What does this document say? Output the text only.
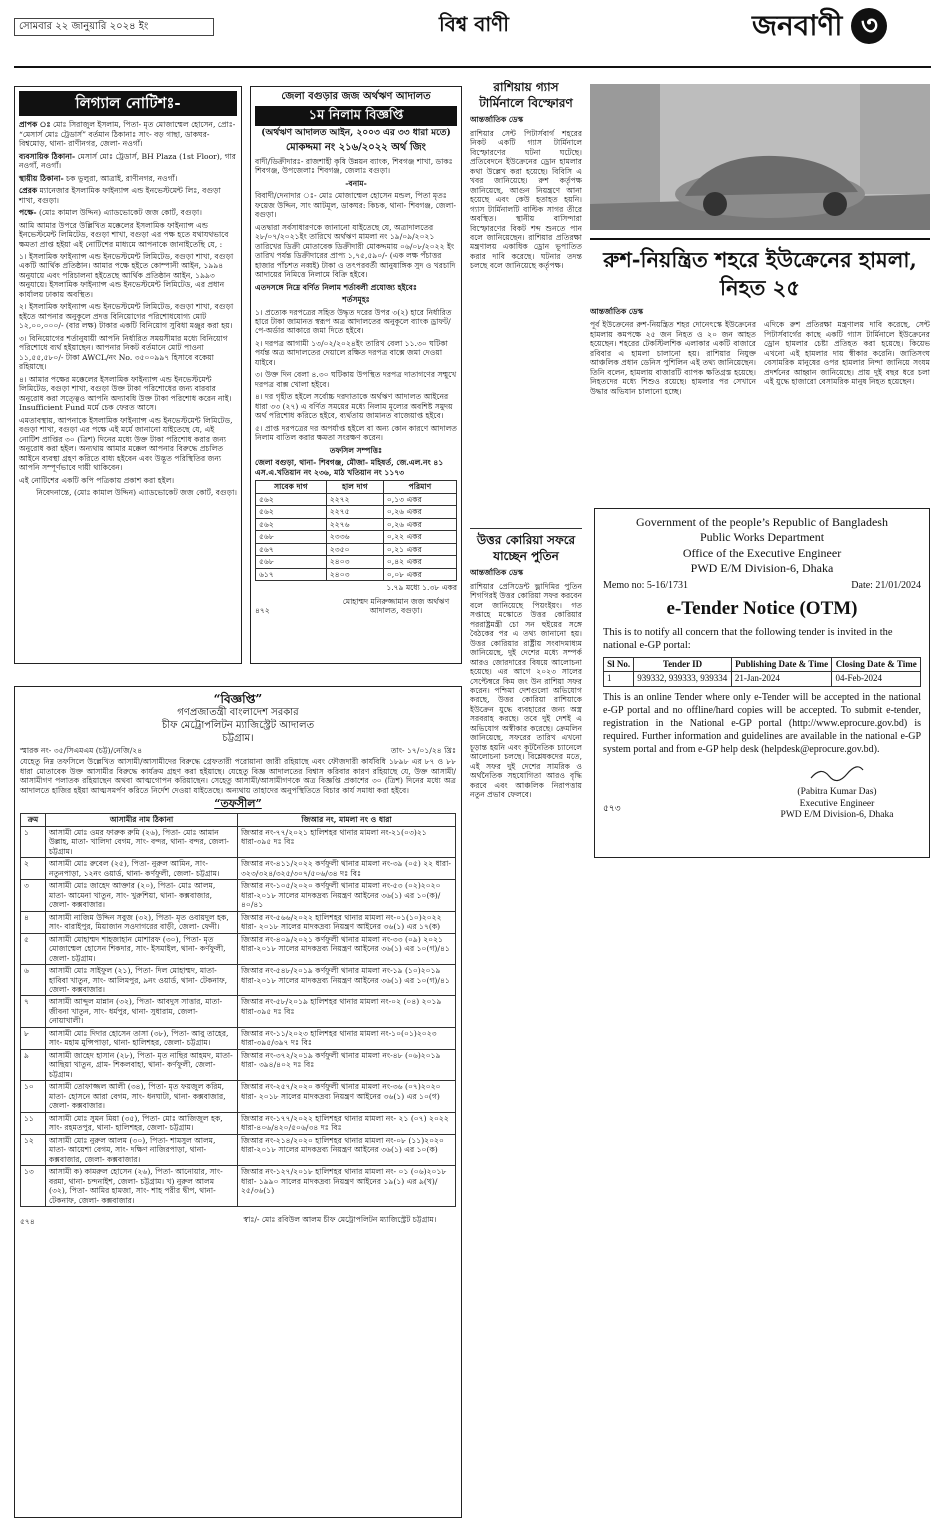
সোমবার ২২ জানুয়ারি ২০২৪ ইং	বিশ্ব বাণী	জনবাণী ৩
লিগ্যাল নোটিশঃ-

প্রাপক ঃ মোঃ সিরাজুল ইসলাম, পিতা- মৃত মোজাম্মেল হোসেন, প্রোঃ- “মেসার্স মোঃ ট্রেডার্স” বর্তমান ঠিকানাঃ সাং- বড় গাছা, ডাকঘর- বিশ্বমোড়, থানা- রাণীনগর, জেলা- নওগাঁ।

ব্যবসায়িক ঠিকানা- মেসার্স মোঃ ট্রেডার্স, BH Plaza (1st Floor), গার নওগাঁ, নওগাঁ।

স্থায়ীয় ঠিকানা- চক ভুলুরা, আত্রাই, রাণীনগর, নওগাঁ।

প্রেরক ম্যানেজার ইসলামিক ফাইন্যান্স এন্ড ইনভেস্টমেন্ট লিঃ, বগুড়া শাখা, বগুড়া।

পক্ষে- (মোঃ কামাল উদ্দিন) এ্যাডভোকেট জজ কোর্ট, বগুড়া।

আমি আমার উপরে উল্লিখিত মক্কেলের ইসলামিক ফাইন্যান্স এন্ড ইনভেস্টমেন্ট লিমিটেড, বগুড়া শাখা, বগুড়া এর পক্ষ হতে যথাযথভাবে ক্ষমতা প্রাপ্ত হইয়া এই নোটিশের মাধ্যমে আপনাকে জানাইতেছি যে, :

১। ইসলামিক ফাইন্যান্স এন্ড ইনভেস্টমেন্ট লিমিটেড, বগুড়া শাখা, বগুড়া একটি আর্থিক প্রতিষ্ঠান। আমার পক্ষে হইতে কোম্পানী আইন, ১৯৯৪ অনুযায়ে এবং পরিচালনা হইতেছে আর্থিক প্রতিষ্ঠান আইন, ১৯৯৩ অনুযায়ে। ইসলামিক ফাইন্যান্স এন্ড ইনভেস্টমেন্ট লিমিটেড, এর প্রধান কার্যালয় ঢাকায় অবস্থিত।

২। ইসলামিক ফাইন্যান্স এন্ড ইনভেস্টমেন্ট লিমিটেড, বগুড়া শাখা, বগুড়া হইতে আপনার অনুকূলে প্রদত্ত বিনিয়োগের পরিশোধযোগ্য মোট ১২,০০,০০০/- (বার লক্ষ) টাকার একটি বিনিয়োগ সুবিধা মঞ্জুর করা হয়।

৩। বিনিয়োগের শর্তানুযায়ী আপনি নির্ধারিত সময়সীমার মধ্যে বিনিয়োগ পরিশোধে ব্যর্থ হইয়াছেন। আপনার নিকট বর্তমানে মোট পাওনা ১১,৫৫,৫৮০/- টাকা AWCL/নং No. ৩৫০০৯৯৭ হিসাবে বকেয়া রহিয়াছে।

৪। আমার পক্ষের মক্কেলের ইসলামিক ফাইন্যান্স এন্ড ইনভেস্টমেন্ট লিমিটেড, বগুড়া শাখা, বগুড়া উক্ত টাকা পরিশোধের জন্য বারবার অনুরোধ করা সত্ত্বেও আপনি অদ্যাবধি উক্ত টাকা পরিশোধ করেন নাই। Insufficient Fund মর্মে চেক ফেরত আসে।

এমতাবস্থায়, আপনাকে ইসলামিক ফাইন্যান্স এন্ড ইনভেস্টমেন্ট লিমিটেড, বগুড়া শাখা, বগুড়া এর পক্ষে এই মর্মে জানানো যাইতেছে যে, এই নোটিশ প্রাপ্তির ৩০ (ত্রিশ) দিনের মধ্যে উক্ত টাকা পরিশোধ করার জন্য অনুরোধ করা হইল। অন্যথায় আমার মক্কেল আপনার বিরুদ্ধে প্রচলিত আইনে ব্যবস্থা গ্রহণ করিতে বাধ্য হইবেন এবং উদ্ভূত পরিস্থিতির জন্য আপনি সম্পূর্ণভাবে দায়ী থাকিবেন।

এই নোটিশের একটি কপি পত্রিকায় প্রকাশ করা হইল।

নিবেদনান্তে, (মোঃ কামাল উদ্দিন) এ্যাডভোকেট জজ কোর্ট, বগুড়া।

জেলা বগুড়ার জজ অর্থঋণ আদালত
১ম নিলাম বিজ্ঞপ্তি
(অর্থঋণ আদালত আইন, ২০০৩ এর ৩৩ ধারা মতে)
মোকদ্দমা নং ২১৬/২০২২ অর্থ জিং

বাদী/ডিক্রীদারঃ- রাজশাহী কৃষি উন্নয়ন ব্যাংক, শিবগঞ্জ শাখা, ডাকঃ শিবগঞ্জ, উপজেলাঃ শিবগঞ্জ, জেলাঃ বগুড়া।

-বনাম-

বিবাদী/দেনাদার ঃ- মোঃ মোজাম্মেল হোসেন মন্ডল, পিতা মৃতঃ ফয়েজ উদ্দিন, সাং আটমূল, ডাকঘর: কিচক, থানা- শিবগঞ্জ, জেলা- বগুড়া।

এতদ্বারা সর্বসাধারণকে জানানো যাইতেছে যে, অত্রাদালতের ২৮/০৭/২০২১ইং তারিখে অর্থঋণ মামলা নং ১৯/০৯/২০২১ তারিখের ডিক্রী মোতাবেক ডিক্রীদারী মোকদ্দমায় ০৬/০৮/২০২২ ইং তারিখ পর্যন্ত ডিক্রীদারের প্রাপ্য ১,৭৫,৫৯০/- (এক লক্ষ পঁচাত্তর হাজার পাঁচশত নব্বই) টাকা ও তৎপরবর্তী আনুষাঙ্গিক সুদ ও খরচাদি আদায়ের নিমিত্তে নিলামে বিক্রি হইবে।

এতদসঙ্গে নিম্নে বর্ণিত নিলাম শর্তাবলী প্রযোজ্য হইবেঃ

শর্তসমূহঃ

১। প্রত্যেক দরপত্রের সহিত উদ্ধৃত দরের উপর ৩(২) হারে নির্ধারিত হারে টাকা জামানত স্বরূপ অত্র আদালতের অনুকূলে ব্যাংক ড্রাফট/পে-অর্ডার আকারে জমা দিতে হইবে।

২। দরপত্র আগামী ১৩/০২/২০২৪ইং তারিখ বেলা ১১.৩০ ঘটিকা পর্যন্ত অত্র আদালতের দেয়ালে রক্ষিত দরপত্র বাক্সে জমা দেওয়া যাইবে।

৩। উক্ত দিন বেলা ৪.৩০ ঘটিকায় উপস্থিত দরপত্র দাতাগণের সম্মুখে দরপত্র বাক্স খোলা হইবে।

৪। দর গৃহীত হইলে সর্বোচ্চ দরদাতাকে অর্থঋণ আদালত আইনের ধারা ৩৩ (২৭) এ বর্ণিত সময়ের মধ্যে নিলাম মূল্যের অবশিষ্ট সমুদয় অর্থ পরিশোধ করিতে হইবে, ব্যর্থতায় জামানত বাজেয়াপ্ত হইবে।

৫। প্রাপ্ত দরপত্রের দর অপর্যাপ্ত হইলে বা অন্য কোন কারণে আদালত নিলাম বাতিল করার ক্ষমতা সংরক্ষণ করেন।

তফসিল সম্পত্তিঃ

জেলা বগুড়া, থানা- শিবগঞ্জ, মৌজা- মহিষর্ত, জে.এল.নং ৪১ এস.এ.খতিয়ান নং ২৩৬, মাঠ খতিয়ান নং ১১৭৩

সাবেক দাগ	হাল দাগ	পরিমাণ
৫৬২	২২৭২	০,১৩ একর
৫৬২	২২৭৫	০,২৬ একর
৫৬২	২২৭৬	০,২৬ একর
৫৬৮	২৩৩৬	০,২২ একর
৫৬৭	২৩৫০	০,২১ একর
৫৬৮	২৪০৩	০,৪২ একর
৬১৭	২৪০৩	০,০৮ একর
১.৭৯ মধ্যে ১.৩৮ একর
মোহাম্মদ মনিরুজ্জামান জজ অর্থঋণ আদালত, বগুড়া।
৪৭২
রাশিয়ায় গ্যাস টার্মিনালে বিস্ফোরণ
আন্তর্জাতিক ডেস্ক
রাশিয়ার সেন্ট পিটার্সবার্গ শহরের নিকট একটি গ্যাস টার্মিনালে বিস্ফোরণের ঘটনা ঘটেছে। প্রতিবেদনে ইউক্রেনের ড্রোন হামলার কথা উল্লেখ করা হয়েছে। বিবিসি এ খবর জানিয়েছে। রুশ কর্তৃপক্ষ জানিয়েছে, আগুন নিয়ন্ত্রণে আনা হয়েছে এবং কেউ হতাহত হয়নি। গ্যাস টার্মিনালটি বাল্টিক সাগর তীরে অবস্থিত। স্থানীয় বাসিন্দারা বিস্ফোরণের বিকট শব্দ শুনতে পান বলে জানিয়েছেন। রাশিয়ার প্রতিরক্ষা মন্ত্রণালয় একাধিক ড্রোন ভূপাতিত করার দাবি করেছে। ঘটনার তদন্ত চলছে বলে জানিয়েছে কর্তৃপক্ষ।
উত্তর কোরিয়া সফরে যাচ্ছেন পুতিন
আন্তর্জাতিক ডেস্ক
রাশিয়ার প্রেসিডেন্ট ভ্লাদিমির পুতিন শিগগিরই উত্তর কোরিয়া সফর করবেন বলে জানিয়েছে পিয়ংইয়ং। গত সপ্তাহে মস্কোতে উত্তর কোরিয়ার পররাষ্ট্রমন্ত্রী চো সন হুইয়ের সঙ্গে বৈঠকের পর এ তথ্য জানানো হয়। উত্তর কোরিয়ার রাষ্ট্রীয় সংবাদমাধ্যম জানিয়েছে, দুই দেশের মধ্যে সম্পর্ক আরও জোরদারের বিষয়ে আলোচনা হয়েছে। এর আগে ২০২৩ সালের সেপ্টেম্বরে কিম জং উন রাশিয়া সফর করেন। পশ্চিমা দেশগুলো অভিযোগ করছে, উত্তর কোরিয়া রাশিয়াকে ইউক্রেন যুদ্ধে ব্যবহারের জন্য অস্ত্র সরবরাহ করছে। তবে দুই দেশই এ অভিযোগ অস্বীকার করেছে। ক্রেমলিন জানিয়েছে, সফরের তারিখ এখনো চূড়ান্ত হয়নি এবং কূটনৈতিক চ্যানেলে আলোচনা চলছে। বিশ্লেষকদের মতে, এই সফর দুই দেশের সামরিক ও অর্থনৈতিক সহযোগিতা আরও বৃদ্ধি করবে এবং আঞ্চলিক নিরাপত্তায় নতুন প্রভাব ফেলবে।
রুশ-নিয়ন্ত্রিত শহরে ইউক্রেনের হামলা, নিহত ২৫
আন্তর্জাতিক ডেস্ক
পূর্ব ইউক্রেনের রুশ-নিয়ন্ত্রিত শহর দোনেৎস্কে ইউক্রেনের হামলায় কমপক্ষে ২৫ জন নিহত ও ২০ জন আহত হয়েছেন। শহরের টেকস্টিলশিক এলাকার একটি বাজারে রবিবার এ হামলা চালানো হয়। রাশিয়ার নিযুক্ত আঞ্চলিক প্রধান ডেনিস পুশিলিন এই তথ্য জানিয়েছেন। তিনি বলেন, হামলায় বাজারটি ব্যাপক ক্ষতিগ্রস্ত হয়েছে। নিহতদের মধ্যে শিশুও রয়েছে। হামলার পর সেখানে উদ্ধার অভিযান চালানো হচ্ছে।
এদিকে রুশ প্রতিরক্ষা মন্ত্রণালয় দাবি করেছে, সেন্ট পিটার্সবার্গের কাছে একটি গ্যাস টার্মিনালে ইউক্রেনের ড্রোন হামলার চেষ্টা প্রতিহত করা হয়েছে। কিয়েভ এখনো এই হামলার দায় স্বীকার করেনি। জাতিসংঘ বেসামরিক মানুষের ওপর হামলার নিন্দা জানিয়ে সংযম প্রদর্শনের আহ্বান জানিয়েছে। প্রায় দুই বছর ধরে চলা এই যুদ্ধে হাজারো বেসামরিক মানুষ নিহত হয়েছেন।
Government of the people’s Republic of Bangladesh
Public Works Department
Office of the Executive Engineer
PWD E/M Division-6, Dhaka
Memo no: 5-16/1731	Date: 21/01/2024
e-Tender Notice (OTM)
This is to notify all concern that the following tender is invited in the national e-GP portal:
Sl No.	Tender ID	Publishing Date & Time	Closing Date & Time
1	939332, 939333, 939334	21-Jan-2024	04-Feb-2024
This is an online Tender where only e-Tender will be accepted in the national e-GP portal and no offline/hard copies will be accepted. To submit e-tender, registration in the National e-GP portal (http://www.eprocure.gov.bd) is required. Further information and guidelines are available in the national e-GP system portal and from e-GP help desk (helpdesk@eprocure.gov.bd).
(Pabitra Kumar Das)
Executive Engineer
PWD E/M Division-6, Dhaka
৫৭৩
“বিজ্ঞপ্তি”
গণপ্রজাতন্ত্রী বাংলাদেশ সরকার
চীফ মেট্রোপলিটন ম্যাজিস্ট্রেট আদালত
চট্টগ্রাম।
স্মারক নং- ৩৫/সিএমএম (চট্ট)/নেজি/২৪	তাং- ১৭/০১/২৪ খ্রিঃ
যেহেতু নিম্ন তফসিলে উল্লেখিত আসামী/আসামীদের বিরুদ্ধে গ্রেফতারী পরোয়ানা জারী রহিয়াছে এবং ফৌজদারী কার্যবিধি ১৮৯৮ এর ৮৭ ও ৮৮ ধারা মোতাবেক উক্ত আসামীর বিরুদ্ধে কার্যক্রম গ্রহণ করা হইয়াছে। যেহেতু বিজ্ঞ আদালতের বিশ্বাস করিবার কারণ রহিয়াছে যে, উক্ত আসামী/আসামীগণ পলাতক রহিয়াছেন অথবা আত্মগোপন করিয়াছেন। সেহেতু আসামী/আসামীগণকে অত্র বিজ্ঞপ্তি প্রকাশের ৩০ (ত্রিশ) দিনের মধ্যে অত্র আদালতে হাজির হইয়া আত্মসমর্পণ করিতে নির্দেশ দেওয়া যাইতেছে। অন্যথায় তাহাদের অনুপস্থিতিতে বিচার কার্য সমাধা করা হইবে।
“তফসীল”
ক্রম	আসামীর নাম ঠিকানা	জিআর নং, মামলা নং ও ধারা
১	আসামী মোঃ ওমর ফারুক রুমি (২৬), পিতা- মোঃ আমান উল্লাহ, মাতা- খালিদা বেগম, সাং- বন্দর, থানা- বন্দর, জেলা- চট্টগ্রাম।	জিআর নং-৭৭/২০২১ হালিশহর থানার মামলা নং-২১(০৩)২১ ধারা-৩৯৫ দঃ বিঃ
২	আসামী মোঃ রুবেল (২৫), পিতা- নুরুল আমিন, সাং- নতুনপাড়া, ১২নং ওয়ার্ড, থানা- কর্ণফুলী, জেলা- চট্টগ্রাম।	জিআর নং-৪১১/২০২২ কর্ণফুলী থানার মামলা নং-৩৯ (০৫) ২২ ধারা- ৩২৩/৩২৪/৩২৫/৩০৭/৫০৬/৩৪ দঃ বিঃ
৩	আসামী মোঃ জাহেদ আক্তার (২০), পিতা- মোঃ আলম, মাতা- আমেনা খাতুন, সাং- খুরুশিয়া, থানা- কক্সবাজার, জেলা- কক্সবাজার।	জিআর নং-১০৫/২০২০ কর্ণফুলী থানার মামলা নং-৫৩ (০২)২০২০ ধারা-২০১৮ সালের মাদকদ্রব্য নিয়ন্ত্রণ আইনের ৩৬(১) এর ১০(ক)/৪০/৪১
৪	আসামী নাজিম উদ্দিন সবুজ (৩২), পিতা- মৃত ওবায়দুল হক, সাং- বারাইপুর, মিয়াজান সওদাগরের বাড়ী, জেলা- ফেনী।	জিআর নং-৫৬৬/২০২২ হালিশহর থানার মামলা নং-০১(১০)২০২২ ধারা- ২০১৮ সালের মাদকদ্রব্য নিয়ন্ত্রণ আইনের ৩৬(১) এর ১৭(ক)
৫	আসামী মোহাম্মদ শাহজাহান মোশারফ (৩০), পিতা- মৃত মোজাম্মেল হোসেন শিকদার, সাং- ইসমাইল, থানা- কর্ণফুলী, জেলা- চট্টগ্রাম।	জিআর নং-৪০৯/২০২১ কর্ণফুলী থানার মামলা নং-৩৩ (০৯) ২০২১ ধারা-২০১৮ সালের মাদকদ্রব্য নিয়ন্ত্রণ আইনের ৩৬(১) এর ১০(গ)/৪১
৬	আসামী মোঃ সাইফুল (২১), পিতা- দিল মোহাম্মদ, মাতা- হাবিবা খাতুন, সাং- আলিমপুর, ৯নং ওয়ার্ড, থানা- টেকনাফ, জেলা- কক্সবাজার।	জিআর নং-৫৪৮/২০১৯ কর্ণফুলী থানার মামলা নং-১৯ (১০)২০১৯ ধারা-২০১৮ সালের মাদকদ্রব্য নিয়ন্ত্রণ আইনের ৩৬(১) এর ১০(গ)/৪১
৭	আসামী আব্দুল মান্নান (৩২), পিতা- আবদুস সাত্তার, মাতা- জীবনা খাতুন, সাং- ধর্মপুর, থানা- সুধারাম, জেলা- নোয়াখালী।	জিআর নং-৫৮/২০১৯ হালিশহর থানার মামলা নং-০২ (০৪) ২০১৯ ধারা-৩৯৫ দঃ বিঃ
৮	আসামী মোঃ দিদার হোসেন তাসা (৩৮), পিতা- আবু তাহের, সাং- মহাম মুন্সিপাড়া, থানা- হালিশহর, জেলা- চট্টগ্রাম।	জিআর নং-১১/২০২৩ হালিশহর থানার মামলা নং-১০(০১)২০২৩ ধারা-৩৯৫/৩৯৭ দঃ বিঃ
৯	আসামী জাহেদ হাসান (২৮), পিতা- মৃত নাছির আহমদ, মাতা- আছিয়া খাতুন, গ্রাম- শিকলবাহা, থানা- কর্ণফুলী, জেলা- চট্টগ্রাম।	জিআর নং-৩৭২/২০১৯ কর্ণফুলী থানার মামলা নং-৪৮ (০৬)২০১৯ ধারা- ৩৯৪/৪০২ দঃ বিঃ
১০	আসামী তোফাজ্জল আলী (৩৪), পিতা- মৃত ফয়জুল করিম, মাতা- হোসনে আরা বেগম, সাং- ধনঘাটা, থানা- কক্সবাজার, জেলা- কক্সবাজার।	জিআর নং-২৫৭/২০২০ কর্ণফুলী থানার মামলা নং-৩৬ (০৭)২০২০ ধারা- ২০১৮ সালের মাদকদ্রব্য নিয়ন্ত্রণ আইনের ৩৬(১) এর ১০(গ)
১১	আসামী মোঃ সুমন মিয়া (৩৫), পিতা- মোঃ আজিজুল হক, সাং- রহমতপুর, থানা- হালিশহর, জেলা- চট্টগ্রাম।	জিআর নং-১৭৭/২০২২ হালিশহর থানার মামলা নং- ২১ (০৭) ২০২২ ধারা-৪০৬/৪২০/৫০৬/৩৪ দঃ বিঃ
১২	আসামী মোঃ নুরুল আলম (৩০), পিতা- শামসুল আলম, মাতা- আয়েশা বেগম, সাং- দক্ষিণ নাজিরপাড়া, থানা- কক্সবাজার, জেলা- কক্সবাজার।	জিআর নং-২১৪/২০২০ হালিশহর থানার মামলা নং-০৮ (১১)২০২০ ধারা-২০১৮ সালের মাদকদ্রব্য নিয়ন্ত্রণ আইনের ৩৬(১) এর ১০(ক)
১৩	আসামী ক) কামরুল হোসেন (২৬), পিতা- আনোয়ার, সাং- বরমা, থানা- চন্দনাইশ, জেলা- চট্টগ্রাম। খ) নুরুল আলম (৩২), পিতা- আমির হামজা, সাং- শাহ পরীর দ্বীপ, থানা- টেকনাফ, জেলা- কক্সবাজার।	জিআর নং-১২৭/২০১৮ হালিশহর থানার মামলা নং- ০১ (০৬)২০১৮ ধারা- ১৯৯০ সালের মাদকদ্রব্য নিয়ন্ত্রণ আইনের ১৯(১) এর ৯(খ)/২৫/৩৬(১)
স্বাঃ/- মোঃ রবিউল আলম চীফ মেট্রোপলিটন ম্যাজিস্ট্রেট চট্টগ্রাম।
৫৭৪
